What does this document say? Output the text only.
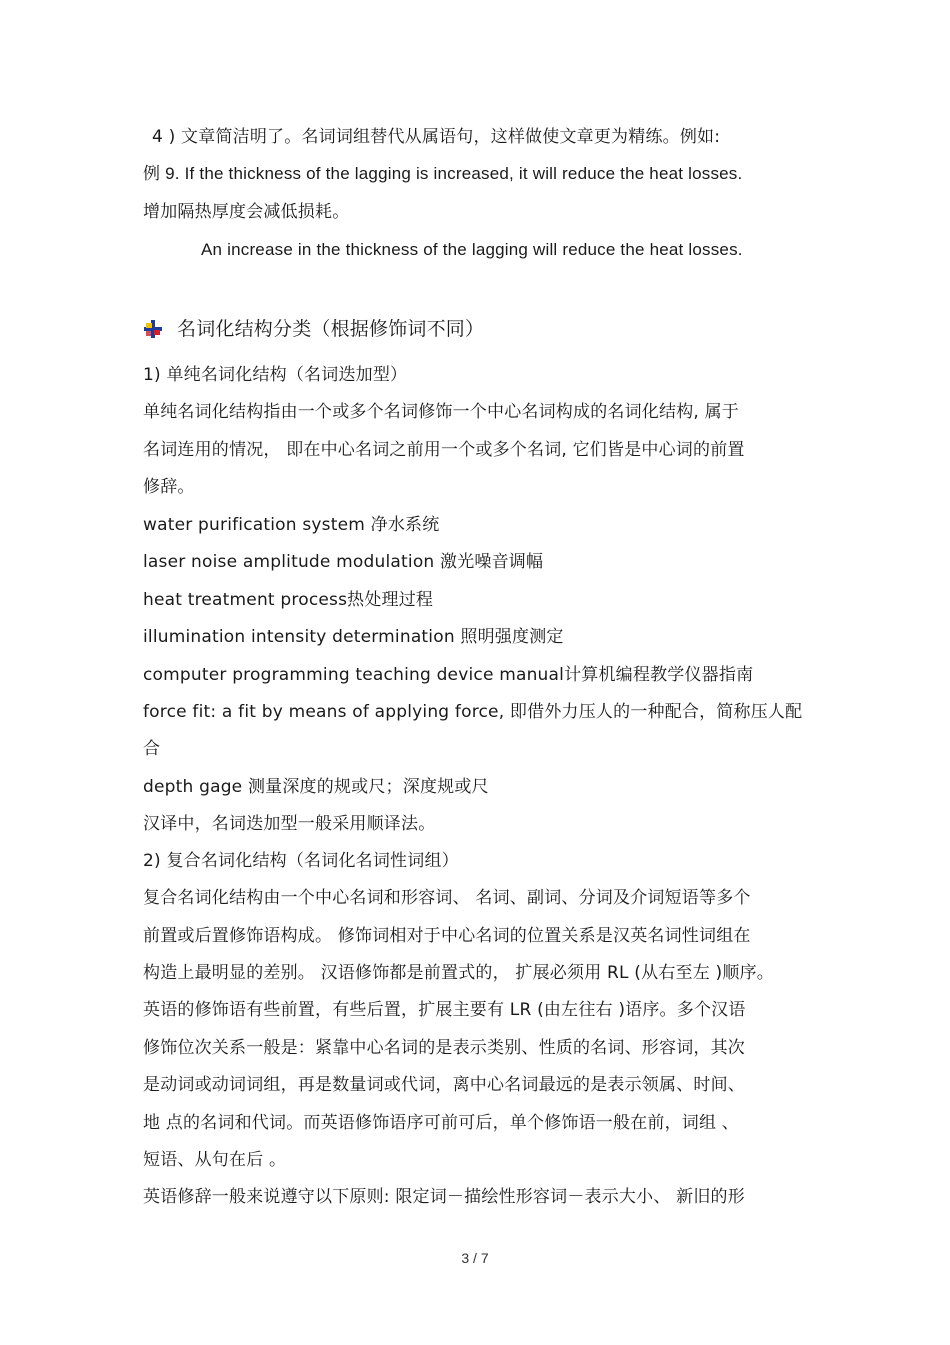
4 ) 文章简洁明了。名词词组替代从属语句，这样做使文章更为精练。例如:
例 9. If the thickness of the lagging is increased, it will reduce the heat losses.
增加隔热厚度会减低损耗。
An increase in the thickness of the lagging will reduce the heat losses.
名词化结构分类（根据修饰词不同）
1) 单纯名词化结构（名词迭加型）
单纯名词化结构指由一个或多个名词修饰一个中心名词构成的名词化结构, 属于
名词连用的情况， 即在中心名词之前用一个或多个名词, 它们皆是中心词的前置
修辞。
water purification system 净水系统
laser noise amplitude modulation 激光噪音调幅
heat treatment process热处理过程
illumination intensity determination 照明强度测定
computer programming teaching device manual计算机编程教学仪器指南
force fit: a fit by means of applying force, 即借外力压人的一种配合，简称压人配
合
depth gage 测量深度的规或尺；深度规或尺
汉译中，名词迭加型一般采用顺译法。
2) 复合名词化结构（名词化名词性词组）
复合名词化结构由一个中心名词和形容词、 名词、副词、分词及介词短语等多个
前置或后置修饰语构成。 修饰词相对于中心名词的位置关系是汉英名词性词组在
构造上最明显的差别。 汉语修饰都是前置式的， 扩展必须用 RL (从右至左 )顺序。
英语的修饰语有些前置，有些后置，扩展主要有 LR (由左往右 )语序。多个汉语
修饰位次关系一般是：紧靠中心名词的是表示类别、性质的名词、形容词，其次
是动词或动词词组，再是数量词或代词，离中心名词最远的是表示领属、时间、
地 点的名词和代词。而英语修饰语序可前可后，单个修饰语一般在前，词组 、
短语、从句在后 。
英语修辞一般来说遵守以下原则: 限定词－描绘性形容词－表示大小、 新旧的形
3 / 7
